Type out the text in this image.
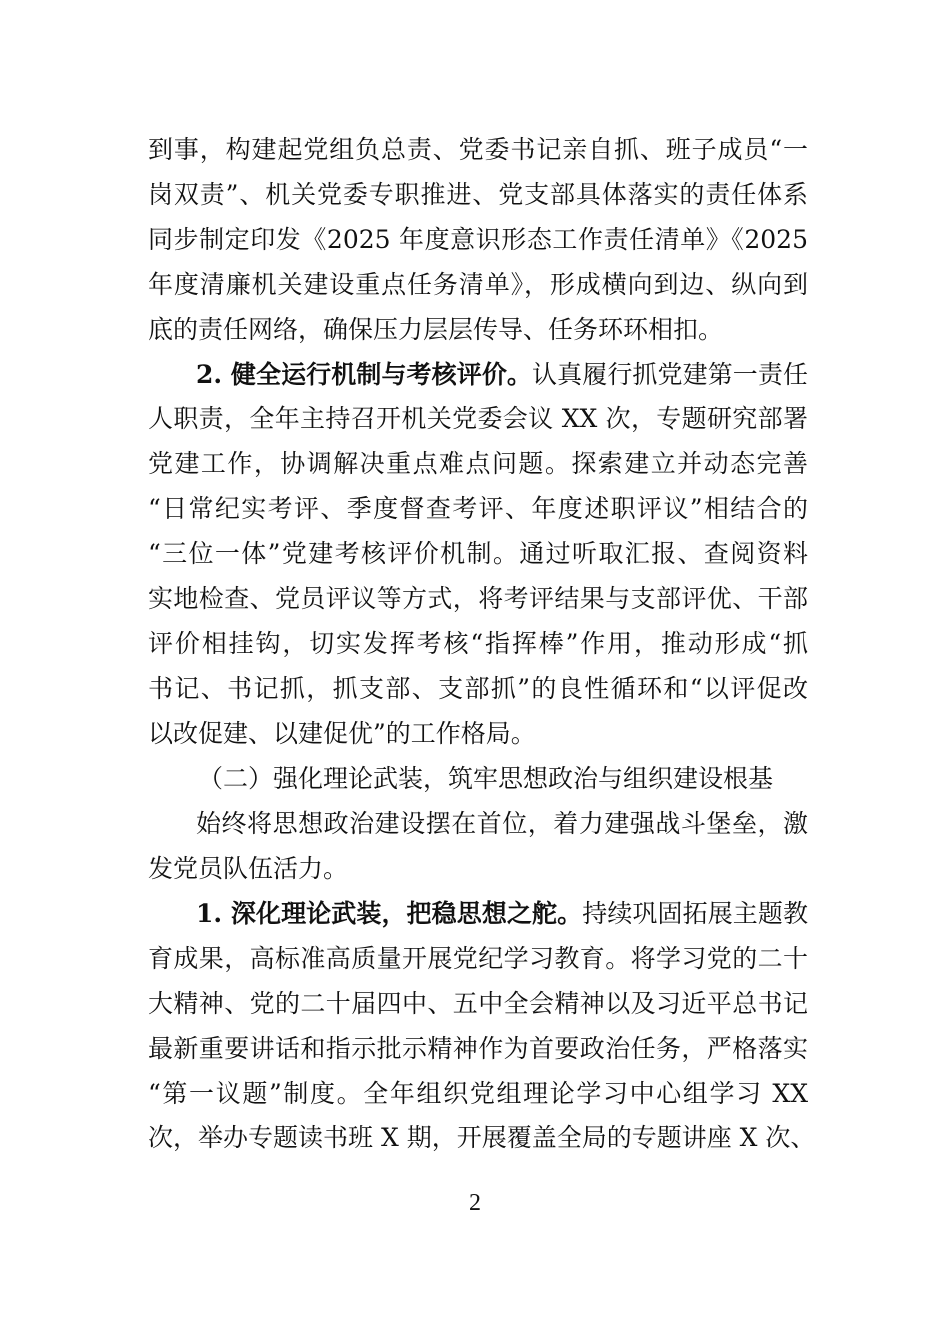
到事，构建起党组负总责、党委书记亲自抓、班子成员“一
岗双责”、机关党委专职推进、党支部具体落实的责任体系
同步制定印发《2025 年度意识形态工作责任清单》《2025
年度清廉机关建设重点任务清单》，形成横向到边、纵向到
底的责任网络，确保压力层层传导、任务环环相扣。
2. 健全运行机制与考核评价。认真履行抓党建第一责任
人职责，全年主持召开机关党委会议 XX 次，专题研究部署
党建工作，协调解决重点难点问题。探索建立并动态完善
“日常纪实考评、季度督查考评、年度述职评议”相结合的
“三位一体”党建考核评价机制。通过听取汇报、查阅资料
实地检查、党员评议等方式，将考评结果与支部评优、干部
评价相挂钩，切实发挥考核“指挥棒”作用，推动形成“抓
书记、书记抓，抓支部、支部抓”的良性循环和“以评促改
以改促建、以建促优”的工作格局。
（二）强化理论武装，筑牢思想政治与组织建设根基
始终将思想政治建设摆在首位，着力建强战斗堡垒，激
发党员队伍活力。
1. 深化理论武装，把稳思想之舵。持续巩固拓展主题教
育成果，高标准高质量开展党纪学习教育。将学习党的二十
大精神、党的二十届四中、五中全会精神以及习近平总书记
最新重要讲话和指示批示精神作为首要政治任务，严格落实
“第一议题”制度。全年组织党组理论学习中心组学习 XX
次，举办专题读书班 X 期，开展覆盖全局的专题讲座 X 次、
2
